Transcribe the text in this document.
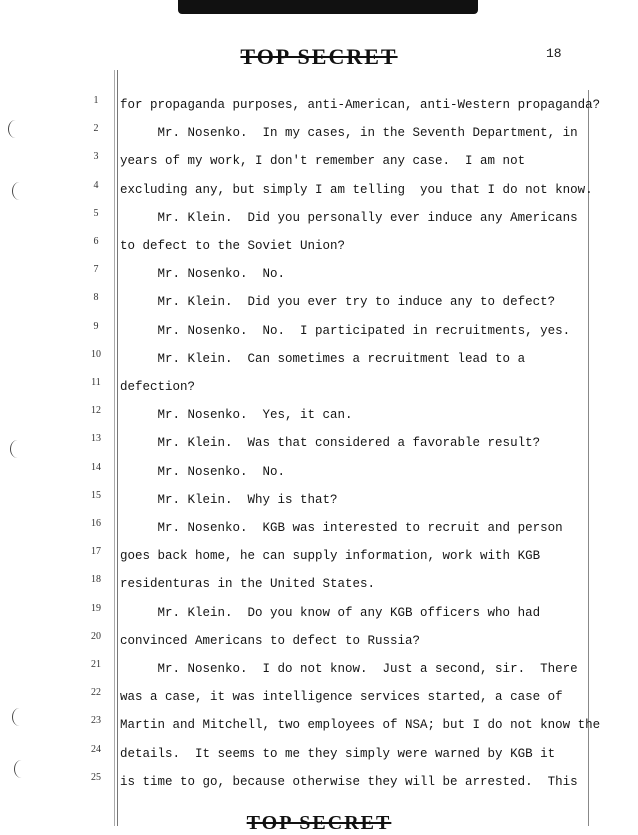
TOP SECRET	18
1	for propaganda purposes, anti-American, anti-Western propaganda?
2	Mr. Nosenko.  In my cases, in the Seventh Department, in
3	years of my work, I don't remember any case.  I am not
4	excluding any, but simply I am telling  you that I do not know.
5	Mr. Klein.  Did you personally ever induce any Americans
6	to defect to the Soviet Union?
7	Mr. Nosenko.  No.
8	Mr. Klein.  Did you ever try to induce any to defect?
9	Mr. Nosenko.  No.  I participated in recruitments, yes.
10 Mr. Klein.  Can sometimes a recruitment lead to a
11 defection?
12 Mr. Nosenko.  Yes, it can.
13 Mr. Klein.  Was that considered a favorable result?
14 Mr. Nosenko.  No.
15 Mr. Klein.  Why is that?
16 Mr. Nosenko.  KGB was interested to recruit and person
17 goes back home, he can supply information, work with KGB
18 residenturas in the United States.
19 Mr. Klein.  Do you know of any KGB officers who had
20 convinced Americans to defect to Russia?
21 Mr. Nosenko.  I do not know.  Just a second, sir.  There
22 was a case, it was intelligence services started, a case of
23 Martin and Mitchell, two employees of NSA; but I do not know the
24 details.  It seems to me they simply were warned by KGB it
25 is time to go, because otherwise they will be arrested.  This
TOP SECRET
